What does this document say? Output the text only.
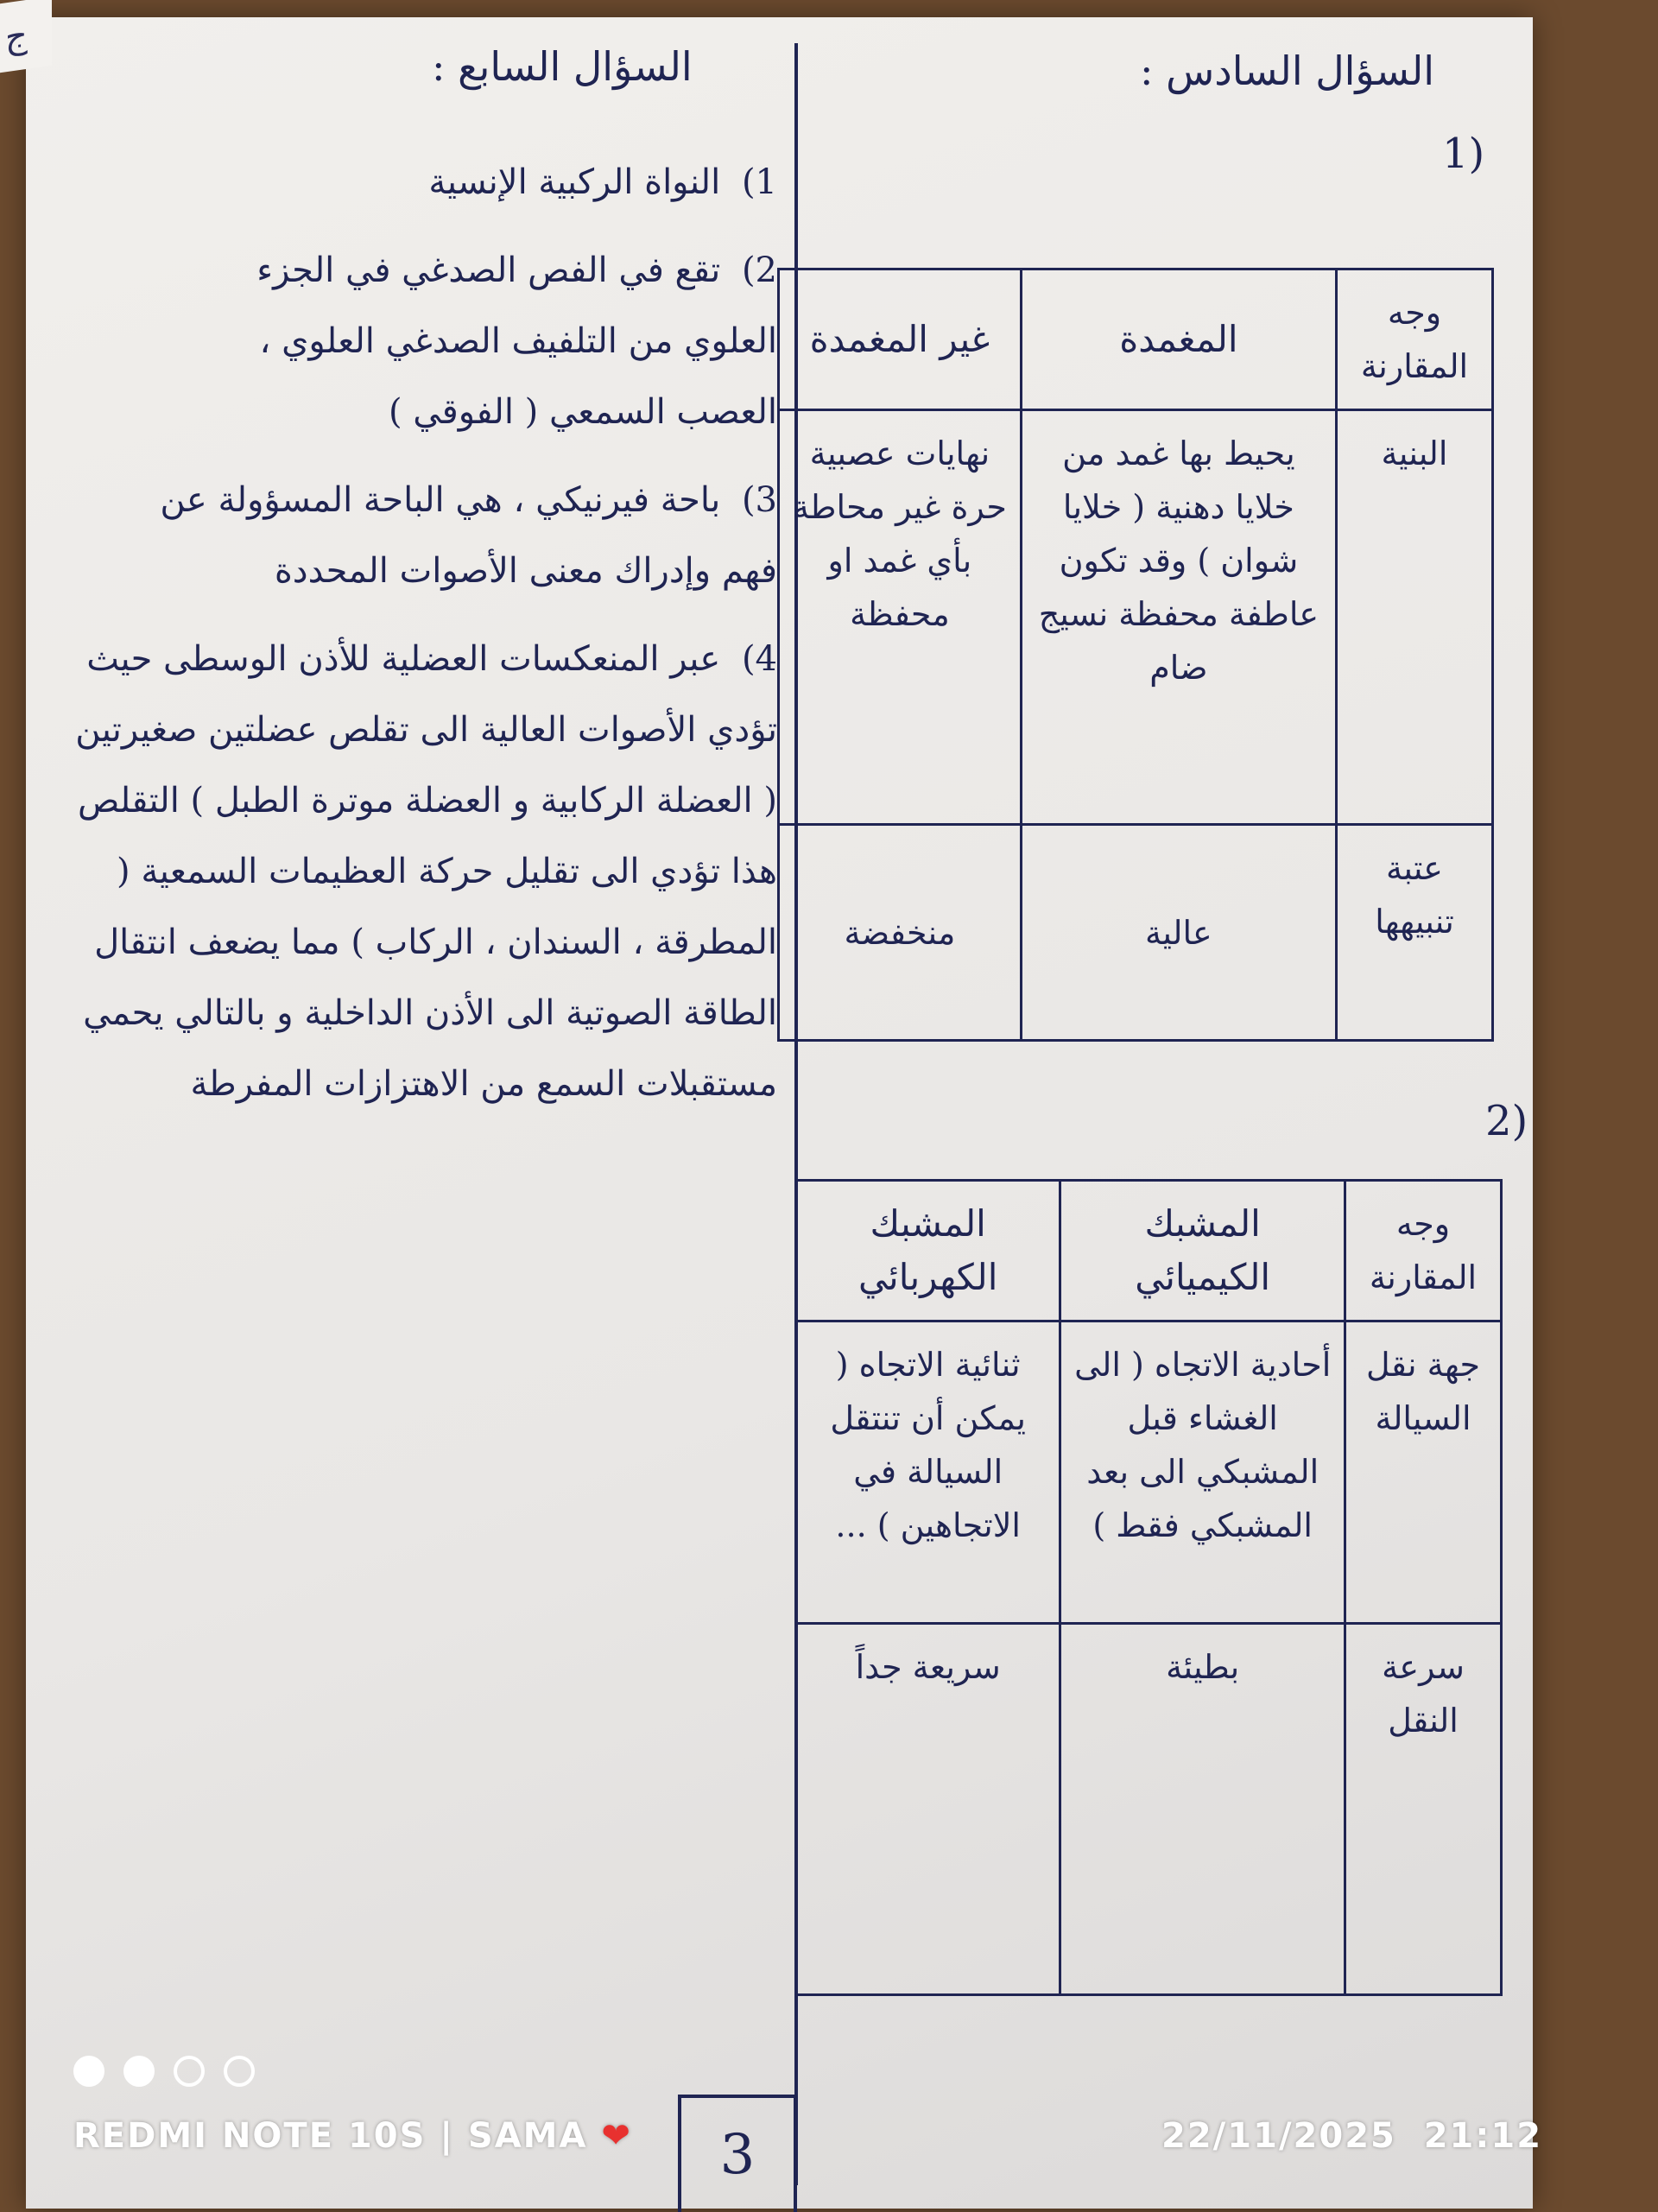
السؤال السابع :
1) النواة الركبية الإنسية
2) تقع في الفص الصدغي في الجزء العلوي من التلفيف الصدغي العلوي ، العصب السمعي ( الفوقي )
3) باحة فيرنيكي ، هي الباحة المسؤولة عن فهم وإدراك معنى الأصوات المحددة
4) عبر المنعكسات العضلية للأذن الوسطى حيث تؤدي الأصوات العالية الى تقلص عضلتين صغيرتين ( العضلة الركابية و العضلة موترة الطبل ) التقلص هذا تؤدي الى تقليل حركة العظيمات السمعية ( المطرقة ، السندان ، الركاب ) مما يضعف انتقال الطاقة الصوتية الى الأذن الداخلية و بالتالي يحمي مستقبلات السمع من الاهتزازات المفرطة
السؤال السادس :
1)
وجه المقارنة	المغمدة	غير المغمدة
البنية	يحيط بها غمد من خلايا دهنية ( خلايا شوان ) وقد تكون عاطفة محفظة نسيج ضام	نهايات عصبية حرة غير محاطة بأي غمد او محفظة
عتبة تنبيهها	عالية	منخفضة
2)
وجه المقارنة	المشبك الكيميائي	المشبك الكهربائي
جهة نقل السيالة	أحادية الاتجاه ( الى الغشاء قبل المشبكي الى بعد المشبكي فقط )	ثنائية الاتجاه ( يمكن أن تنتقل السيالة في الاتجاهين ) ...
سرعة النقل	بطيئة	سريعة جداً
ج
3
REDMI NOTE 10S | SAMA ❤	22/11/2025  21:12
